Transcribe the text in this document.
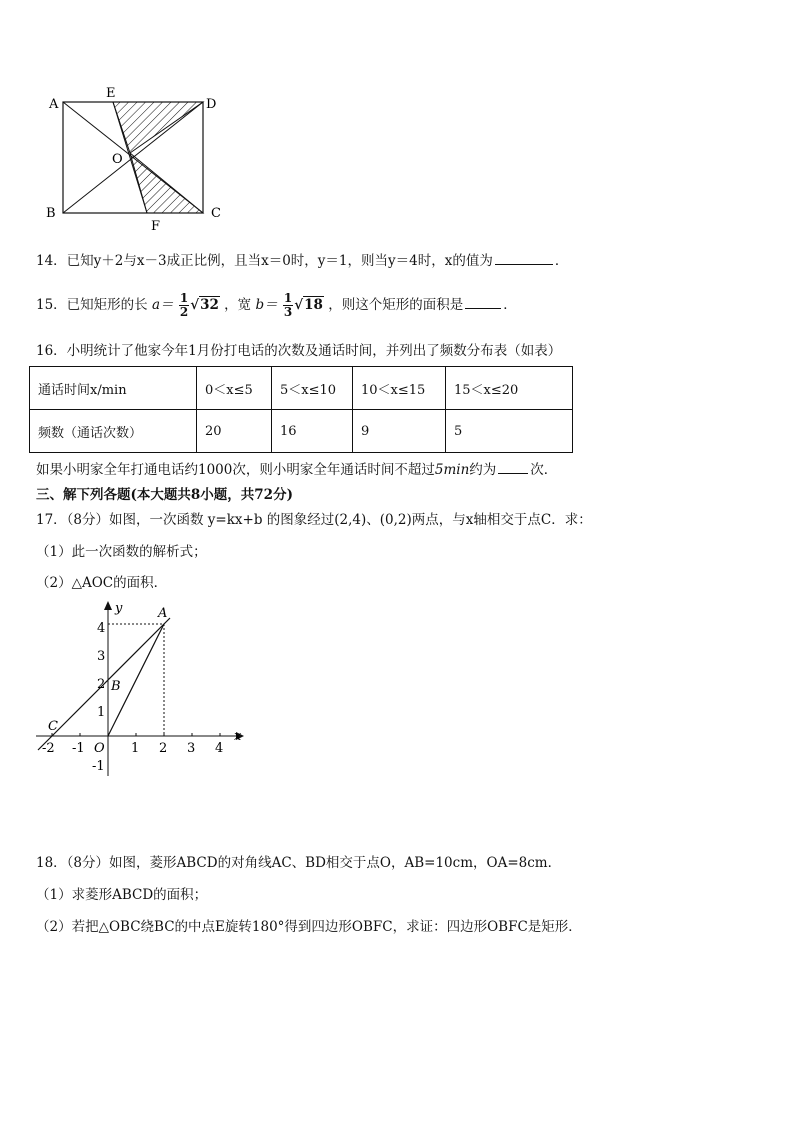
A
E
D
O
B
F
C
14．已知y＋2与x－3成正比例，且当x＝0时，y＝1，则当y＝4时，x的值为	．
15．已知矩形的长 $a= \frac{1}{2} √32$ ，宽 $b= \frac{1}{3} √18$ ，则这个矩形的面积是	．
16．小明统计了他家今年1月份打电话的次数及通话时间，并列出了频数分布表（如表）
通话时间x/min	0＜x≤5	5＜x≤10	10＜x≤15	15＜x≤20
频数（通话次数）	20	16	9	5
如果小明家全年打通电话约1000次，则小明家全年通话时间不超过5min约为	次．
三、解下列各题(本大题共8小题，共72分)
17．（8分）如图，一次函数 y=kx+b 的图象经过(2,4)、(0,2)两点，与x轴相交于点C．求：
（1）此一次函数的解析式；
（2）△AOC的面积．
x
y
-2 -1 O 1 2 3 4
4
3
2
1
-1
A
B
C
18．（8分）如图，菱形ABCD的对角线AC、BD相交于点O，AB=10cm，OA=8cm．
（1）求菱形ABCD的面积；
（2）若把△OBC绕BC的中点E旋转180°得到四边形OBFC，求证：四边形OBFC是矩形．
